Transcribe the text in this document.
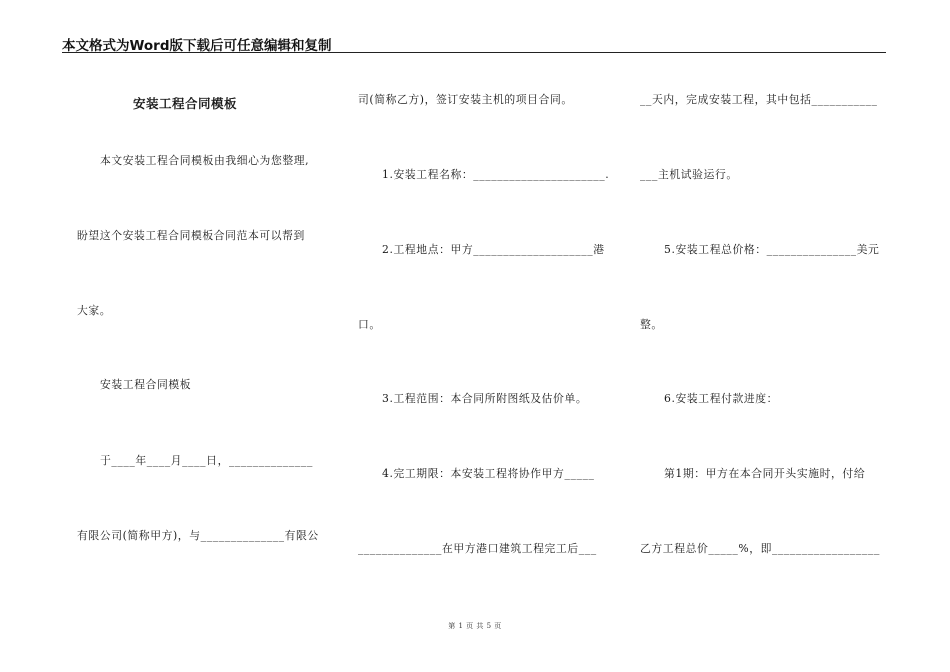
本文格式为Word版下载后可任意编辑和复制
安装工程合同模板
本文安装工程合同模板由我细心为您整理,
盼望这个安装工程合同模板合同范本可以帮到
大家。
安装工程合同模板
于____年____月____日，______________
有限公司(简称甲方)，与______________有限公
司(简称乙方)，签订安装主机的项目合同。
1.安装工程名称：______________________.
2.工程地点：甲方____________________港
口。
3.工程范围：本合同所附图纸及估价单。
4.完工期限：本安装工程将协作甲方_____
______________在甲方港口建筑工程完工后___
__天内，完成安装工程，其中包括___________
___主机试验运行。
5.安装工程总价格：_______________美元
整。
6.安装工程付款进度：
第1期：甲方在本合同开头实施时，付给
乙方工程总价_____%，即__________________
第 1 页 共 5 页
